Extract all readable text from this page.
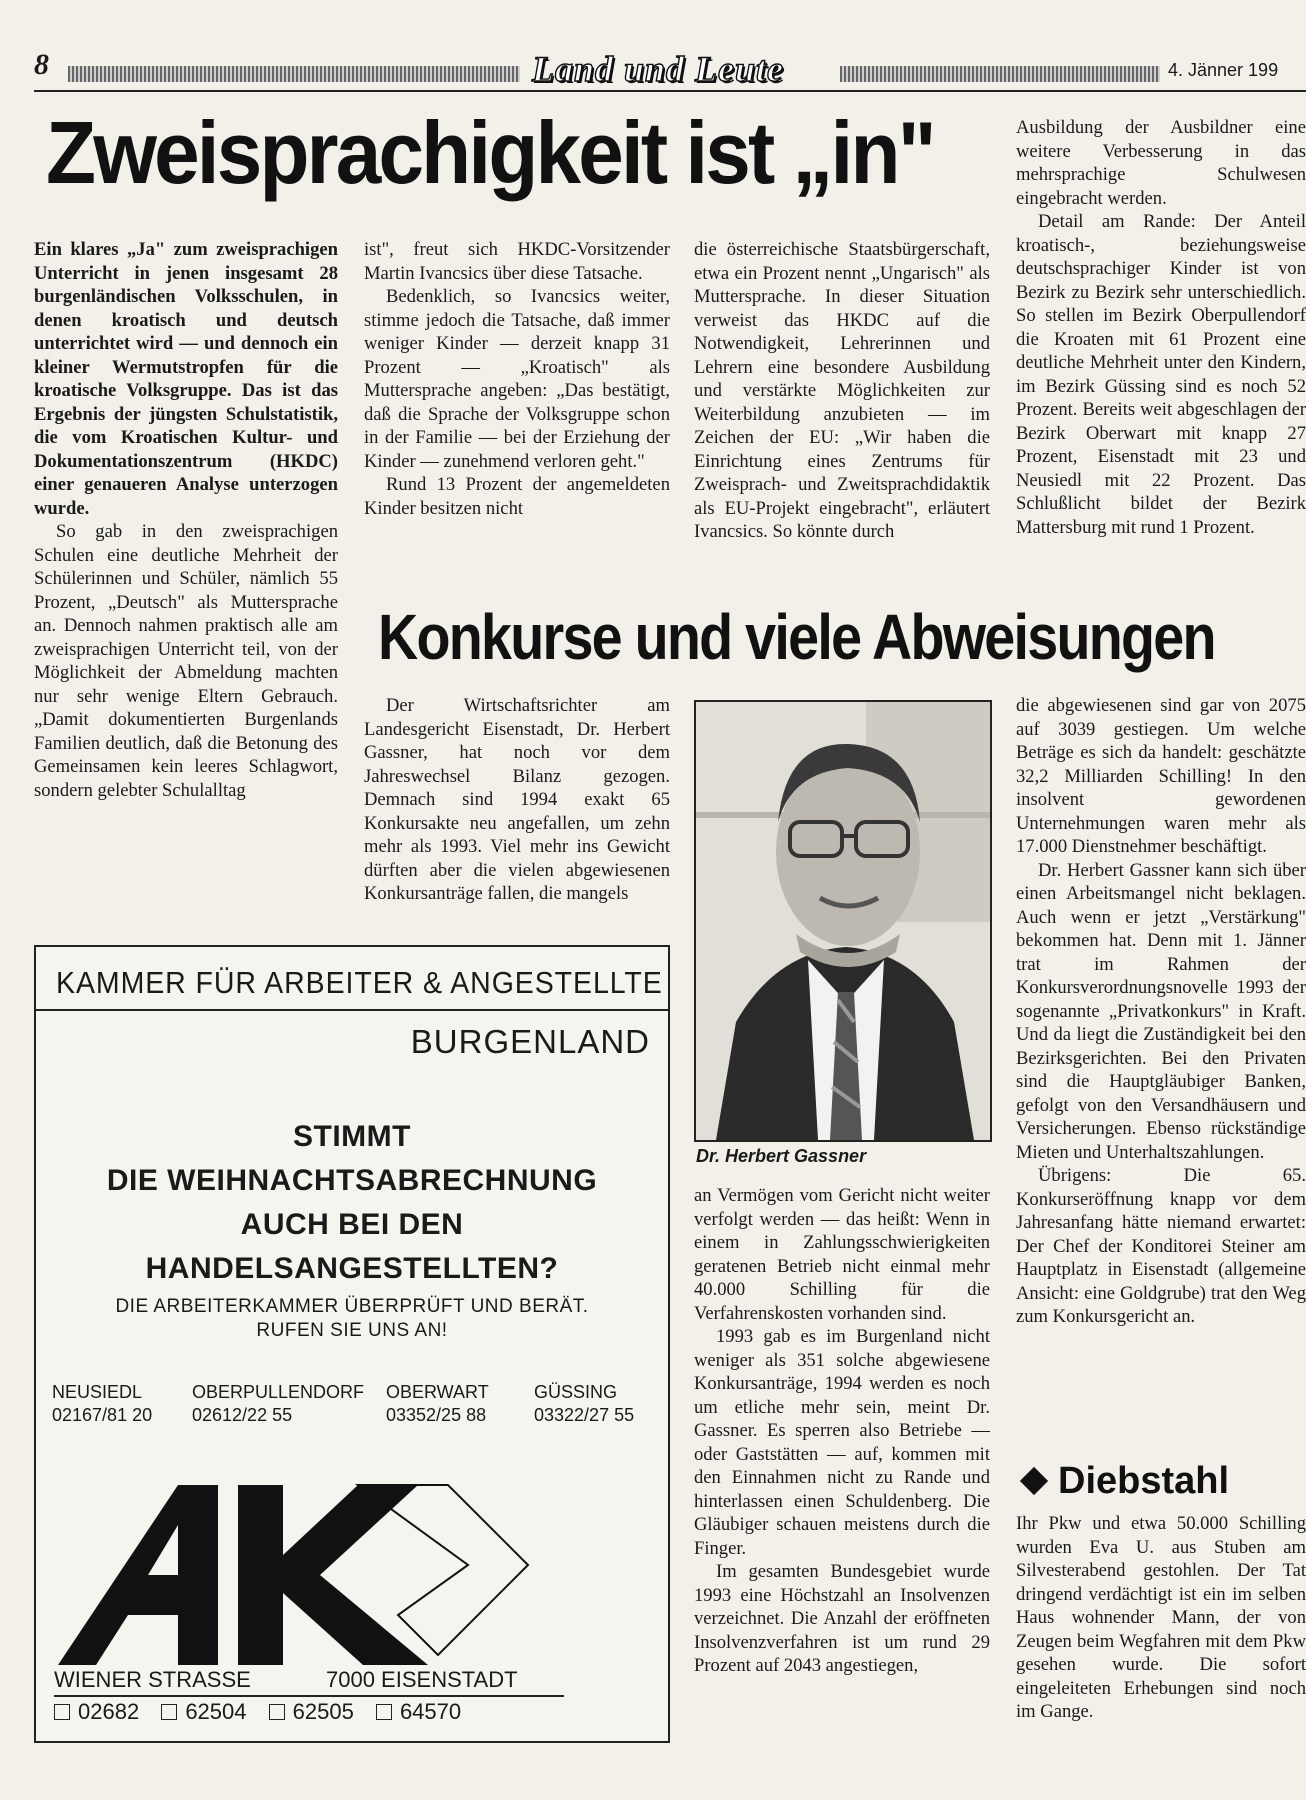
8	Land und Leute	4. Jänner 199
Zweisprachigkeit ist „in"

Ein klares „Ja" zum zweisprachigen Unterricht in jenen insgesamt 28 burgenländischen Volksschulen, in denen kroatisch und deutsch unterrichtet wird — und dennoch ein kleiner Wermutstropfen für die kroatische Volksgruppe. Das ist das Ergebnis der jüngsten Schulstatistik, die vom Kroatischen Kultur- und Dokumentationszentrum (HKDC) einer genaueren Analyse unterzogen wurde.

So gab in den zweisprachigen Schulen eine deutliche Mehrheit der Schülerinnen und Schüler, nämlich 55 Prozent, „Deutsch" als Muttersprache an. Dennoch nahmen praktisch alle am zweisprachigen Unterricht teil, von der Möglichkeit der Abmeldung machten nur sehr wenige Eltern Gebrauch. „Damit dokumentierten Burgenlands Familien deutlich, daß die Betonung des Gemeinsamen kein leeres Schlagwort, sondern gelebter Schulalltag

ist", freut sich HKDC-Vorsitzender Martin Ivancsics über diese Tatsache.

Bedenklich, so Ivancsics weiter, stimme jedoch die Tatsache, daß immer weniger Kinder — derzeit knapp 31 Prozent — „Kroatisch" als Muttersprache angeben: „Das bestätigt, daß die Sprache der Volksgruppe schon in der Familie — bei der Erziehung der Kinder — zunehmend verloren geht."

Rund 13 Prozent der angemeldeten Kinder besitzen nicht

die österreichische Staatsbürgerschaft, etwa ein Prozent nennt „Ungarisch" als Muttersprache. In dieser Situation verweist das HKDC auf die Notwendigkeit, Lehrerinnen und Lehrern eine besondere Ausbildung und verstärkte Möglichkeiten zur Weiterbildung anzubieten — im Zeichen der EU: „Wir haben die Einrichtung eines Zentrums für Zweisprach- und Zweitsprachdidaktik als EU-Projekt eingebracht", erläutert Ivancsics. So könnte durch

Ausbildung der Ausbildner eine weitere Verbesserung in das mehrsprachige Schulwesen eingebracht werden.

Detail am Rande: Der Anteil kroatisch-, beziehungsweise deutschsprachiger Kinder ist von Bezirk zu Bezirk sehr unterschiedlich. So stellen im Bezirk Oberpullendorf die Kroaten mit 61 Prozent eine deutliche Mehrheit unter den Kindern, im Bezirk Güssing sind es noch 52 Prozent. Bereits weit abgeschlagen der Bezirk Oberwart mit knapp 27 Prozent, Eisenstadt mit 23 und Neusiedl mit 22 Prozent. Das Schlußlicht bildet der Bezirk Mattersburg mit rund 1 Prozent.

Konkurse und viele Abweisungen

Der Wirtschaftsrichter am Landesgericht Eisenstadt, Dr. Herbert Gassner, hat noch vor dem Jahreswechsel Bilanz gezogen. Demnach sind 1994 exakt 65 Konkursakte neu angefallen, um zehn mehr als 1993. Viel mehr ins Gewicht dürften aber die vielen abgewiesenen Konkursanträge fallen, die mangels

Dr. Herbert Gassner

an Vermögen vom Gericht nicht weiter verfolgt werden — das heißt: Wenn in einem in Zahlungsschwierigkeiten geratenen Betrieb nicht einmal mehr 40.000 Schilling für die Verfahrenskosten vorhanden sind.

1993 gab es im Burgenland nicht weniger als 351 solche abgewiesene Konkursanträge, 1994 werden es noch um etliche mehr sein, meint Dr. Gassner. Es sperren also Betriebe — oder Gaststätten — auf, kommen mit den Einnahmen nicht zu Rande und hinterlassen einen Schuldenberg. Die Gläubiger schauen meistens durch die Finger.

Im gesamten Bundesgebiet wurde 1993 eine Höchstzahl an Insolvenzen verzeichnet. Die Anzahl der eröffneten Insolvenzverfahren ist um rund 29 Prozent auf 2043 angestiegen,

die abgewiesenen sind gar von 2075 auf 3039 gestiegen. Um welche Beträge es sich da handelt: geschätzte 32,2 Milliarden Schilling! In den insolvent gewordenen Unternehmungen waren mehr als 17.000 Dienstnehmer beschäftigt.

Dr. Herbert Gassner kann sich über einen Arbeitsmangel nicht beklagen. Auch wenn er jetzt „Verstärkung" bekommen hat. Denn mit 1. Jänner trat im Rahmen der Konkursverordnungsnovelle 1993 der sogenannte „Privatkonkurs" in Kraft. Und da liegt die Zuständigkeit bei den Bezirksgerichten. Bei den Privaten sind die Hauptgläubiger Banken, gefolgt von den Versandhäusern und Versicherungen. Ebenso rückständige Mieten und Unterhaltszahlungen.

Übrigens: Die 65. Konkurseröffnung knapp vor dem Jahresanfang hätte niemand erwartet: Der Chef der Konditorei Steiner am Hauptplatz in Eisenstadt (allgemeine Ansicht: eine Goldgrube) trat den Weg zum Konkursgericht an.

Diebstahl

Ihr Pkw und etwa 50.000 Schilling wurden Eva U. aus Stuben am Silvesterabend gestohlen. Der Tat dringend verdächtigt ist ein im selben Haus wohnender Mann, der von Zeugen beim Wegfahren mit dem Pkw gesehen wurde. Die sofort eingeleiteten Erhebungen sind noch im Gange.

KAMMER FÜR ARBEITER & ANGESTELLTE
BURGENLAND
STIMMT
DIE WEIHNACHTSABRECHNUNG
AUCH BEI DEN
HANDELSANGESTELLTEN?
DIE ARBEITERKAMMER ÜBERPRÜFT UND BERÄT.
RUFEN SIE UNS AN!
NEUSIEDL
02167/81 20
OBERPULLENDORF
02612/22 55
OBERWART
03352/25 88
GÜSSING
03322/27 55
WIENER STRASSE	7000 EISENSTADT
02682 62504 62505 64570
